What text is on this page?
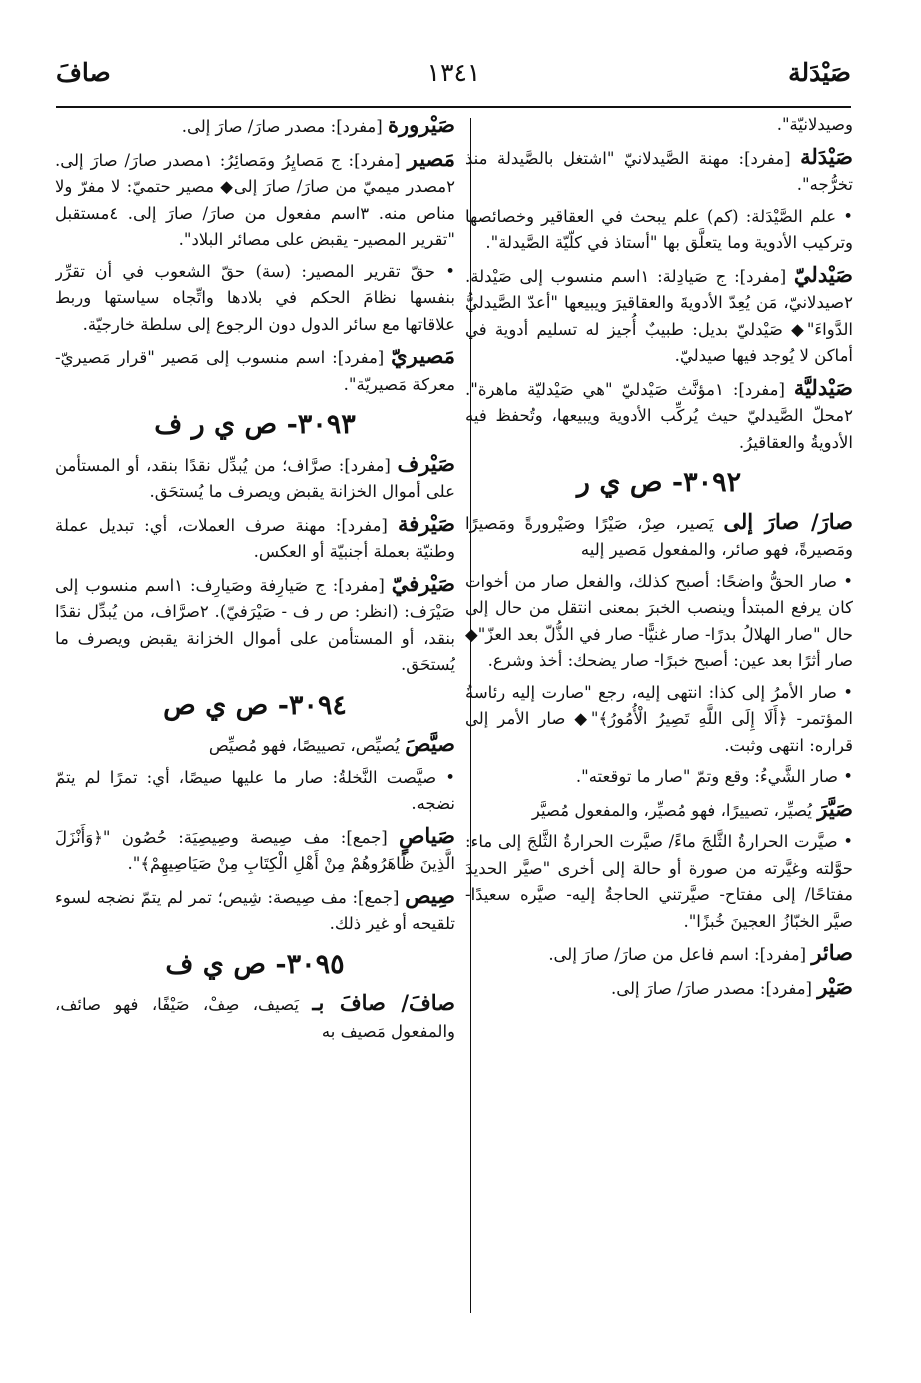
صَيْدَلة
١٣٤١
صافَ

وصيدلانيّة".

صَيْدَلة [مفرد]: مهنة الصَّيدلانيّ "اشتغل بالصَّيدلة منذ تخرُّجه".

• علم الصَّيْدَلة: (كم) علم يبحث في العقاقير وخصائصها وتركيب الأدوية وما يتعلَّق بها "أستاذ في كلّيّة الصَّيدلة".

صَيْدليّ [مفرد]: ج صَيادِلة: ١اسم منسوب إلى صَيْدلة. ٢صيدلانيّ، مَن يُعِدّ الأدويةَ والعقاقيرَ ويبيعها "أعدّ الصَّيدليُّ الدَّواءَ"◆ صَيْدليّ بديل: طبيبٌ أُجيز له تسليم أدوية في أماكن لا يُوجد فيها صيدليّ.

صَيْدليَّة [مفرد]: ١مؤنَّث صَيْدليّ "هي صَيْدليّة ماهرة". ٢محلّ الصَّيدليّ حيث يُركِّب الأدوية ويبيعها، وتُحفظ فيه الأدويةُ والعقاقيرُ.

٣٠٩٢- ص ي ر

صارَ/ صارَ إلى يَصير، صِرْ، صَيْرًا وصَيْرورةً ومَصيرًا ومَصيرةً، فهو صائر، والمفعول مَصير إليه

• صار الحقُّ واضحًا: أصبح كذلك، والفعل صار من أخوات كان يرفع المبتدأ وينصب الخبرَ بمعنى انتقل من حال إلى حال "صار الهلالُ بدرًا- صار غنيًّا- صار في الذُّلّ بعد العزّ"◆ صار أثرًا بعد عين: أصبح خبرًا- صار يضحك: أخذ وشرع.

• صار الأمرُ إلى كذا: انتهى إليه، رجع "صارت إليه رئاسةُ المؤتمر- ﴿أَلَا إِلَى اللَّهِ تَصِيرُ الْأُمُورُ﴾"◆ صار الأمر إلى قراره: انتهى وثبت.

• صار الشَّيءُ: وقع وتمّ "صار ما توقعته".

صَيَّرَ يُصيِّر، تصييرًا، فهو مُصيِّر، والمفعول مُصيَّر

• صيَّرت الحرارةُ الثَّلجَ ماءً/ صيَّرت الحرارةُ الثَّلجَ إلى ماء: حوَّلته وغيَّرته من صورة أو حالة إلى أخرى "صيَّر الحديدَ مفتاحًا/ إلى مفتاح- صيَّرتني الحاجةُ إليه- صيَّره سعيدًا- صيَّر الخبّازُ العجينَ خُبزًا".

صائر [مفرد]: اسم فاعل من صارَ/ صارَ إلى.

صَيْر [مفرد]: مصدر صارَ/ صارَ إلى.

صَيْرورة [مفرد]: مصدر صارَ/ صارَ إلى.

مَصير [مفرد]: ج مَصايِرُ ومَصائِرُ: ١مصدر صارَ/ صارَ إلى. ٢مصدر ميميّ من صارَ/ صارَ إلى◆ مصير حتميّ: لا مفرّ ولا مناص منه. ٣اسم مفعول من صارَ/ صارَ إلى. ٤مستقبل "تقرير المصير- يقبض على مصائر البلاد".

• حقّ تقرير المصير: (سة) حقّ الشعوب في أن تقرِّر بنفسها نظامَ الحكم في بلادها واتِّجاه سياستها وربط علاقاتها مع سائر الدول دون الرجوع إلى سلطة خارجيّة.

مَصيريّ [مفرد]: اسم منسوب إلى مَصير "قرار مَصيريّ- معركة مَصيريّة".

٣٠٩٣- ص ي ر ف

صَيْرف [مفرد]: صرَّاف؛ من يُبدِّل نقدًا بنقد، أو المستأمن على أموال الخزانة يقبض ويصرف ما يُستحَق.

صَيْرفة [مفرد]: مهنة صرف العملات، أي: تبديل عملة وطنيّة بعملة أجنبيّة أو العكس.

صَيْرفيّ [مفرد]: ج صَيارِفة وصَيارِف: ١اسم منسوب إلى صَيْرَف: (انظر: ص ر ف - صَيْرَفيّ). ٢صرَّاف، من يُبدِّل نقدًا بنقد، أو المستأمن على أموال الخزانة يقبض ويصرف ما يُستحَق.

٣٠٩٤- ص ي ص

صيَّصَ يُصيِّص، تصييصًا، فهو مُصيِّص

• صيَّصت النَّخلةُ: صار ما عليها صيصًا، أي: تمرًا لم يتمّ نضجه.

صَياصٍ [جمع]: مف صِيصة وصِيصِيَة: حُصُون "﴿وَأَنْزَلَ الَّذِينَ ظَاهَرُوهُمْ مِنْ أَهْلِ الْكِتَابِ مِنْ صَيَاصِيهِمْ﴾".

صِيص [جمع]: مف صِيصة: شِيص؛ تمر لم يتمّ نضجه لسوء تلقيحه أو غير ذلك.

٣٠٩٥- ص ي ف

صافَ/ صافَ بـ يَصيف، صِفْ، صَيْفًا، فهو صائف، والمفعول مَصيف به
